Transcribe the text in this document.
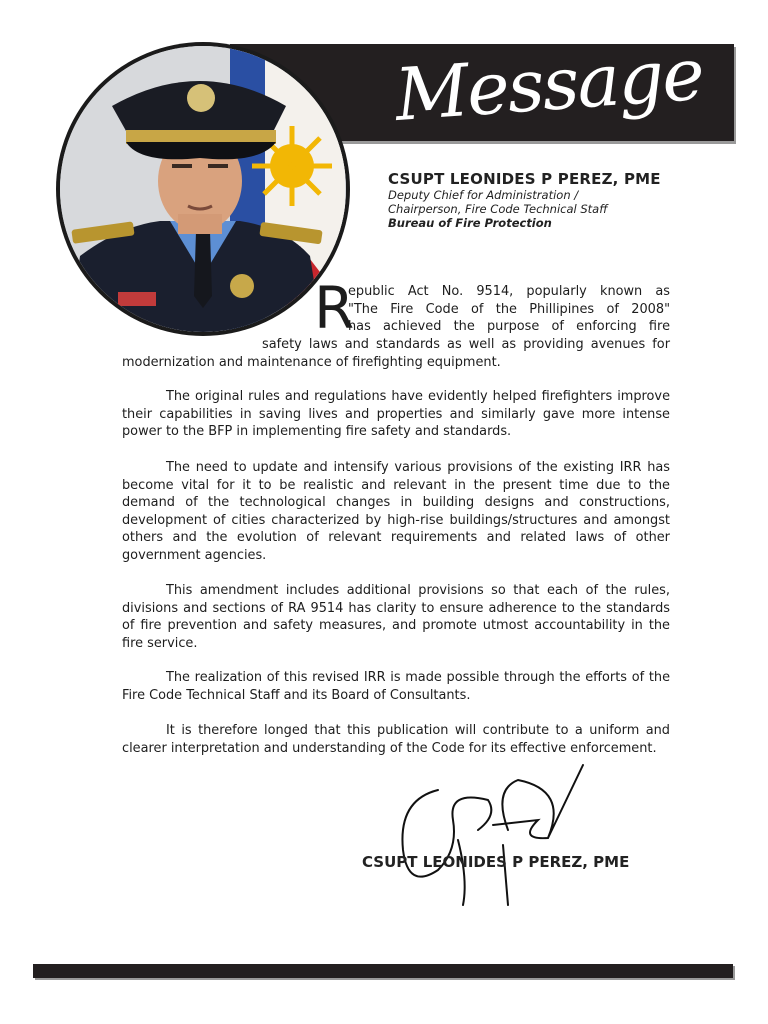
Message
CSUPT LEONIDES P PEREZ, PME
Deputy Chief for Administration /
Chairperson, Fire Code Technical Staff
Bureau of Fire Protection
R
epublic Act No. 9514, popularly known as
"The Fire Code of the Phillipines of 2008"
has achieved the purpose of enforcing fire
safety laws and standards as well as providing avenues for modernization and maintenance of firefighting equipment.
The original rules and regulations have evidently helped firefighters improve their capabilities in saving lives and properties and similarly gave more intense power to the BFP in implementing fire safety and standards.
The need to update and intensify various provisions of the existing IRR has become vital for it to be realistic and relevant in the present time due to the demand of the technological changes in building designs and constructions, development of cities characterized by high-rise buildings/structures and amongst others and the evolution of relevant requirements and related laws of other government agencies.
This amendment includes additional provisions so that each of the rules, divisions and sections of RA 9514 has clarity to ensure adherence to the standards of fire prevention and safety measures, and promote utmost accountability in the fire service.
The realization of this revised IRR is made possible through the efforts of the Fire Code Technical Staff and its Board of Consultants.
It is therefore longed that this publication will contribute to a uniform and clearer interpretation and understanding of the Code for its effective enforcement.
CSUPT LEONIDES P PEREZ, PME
